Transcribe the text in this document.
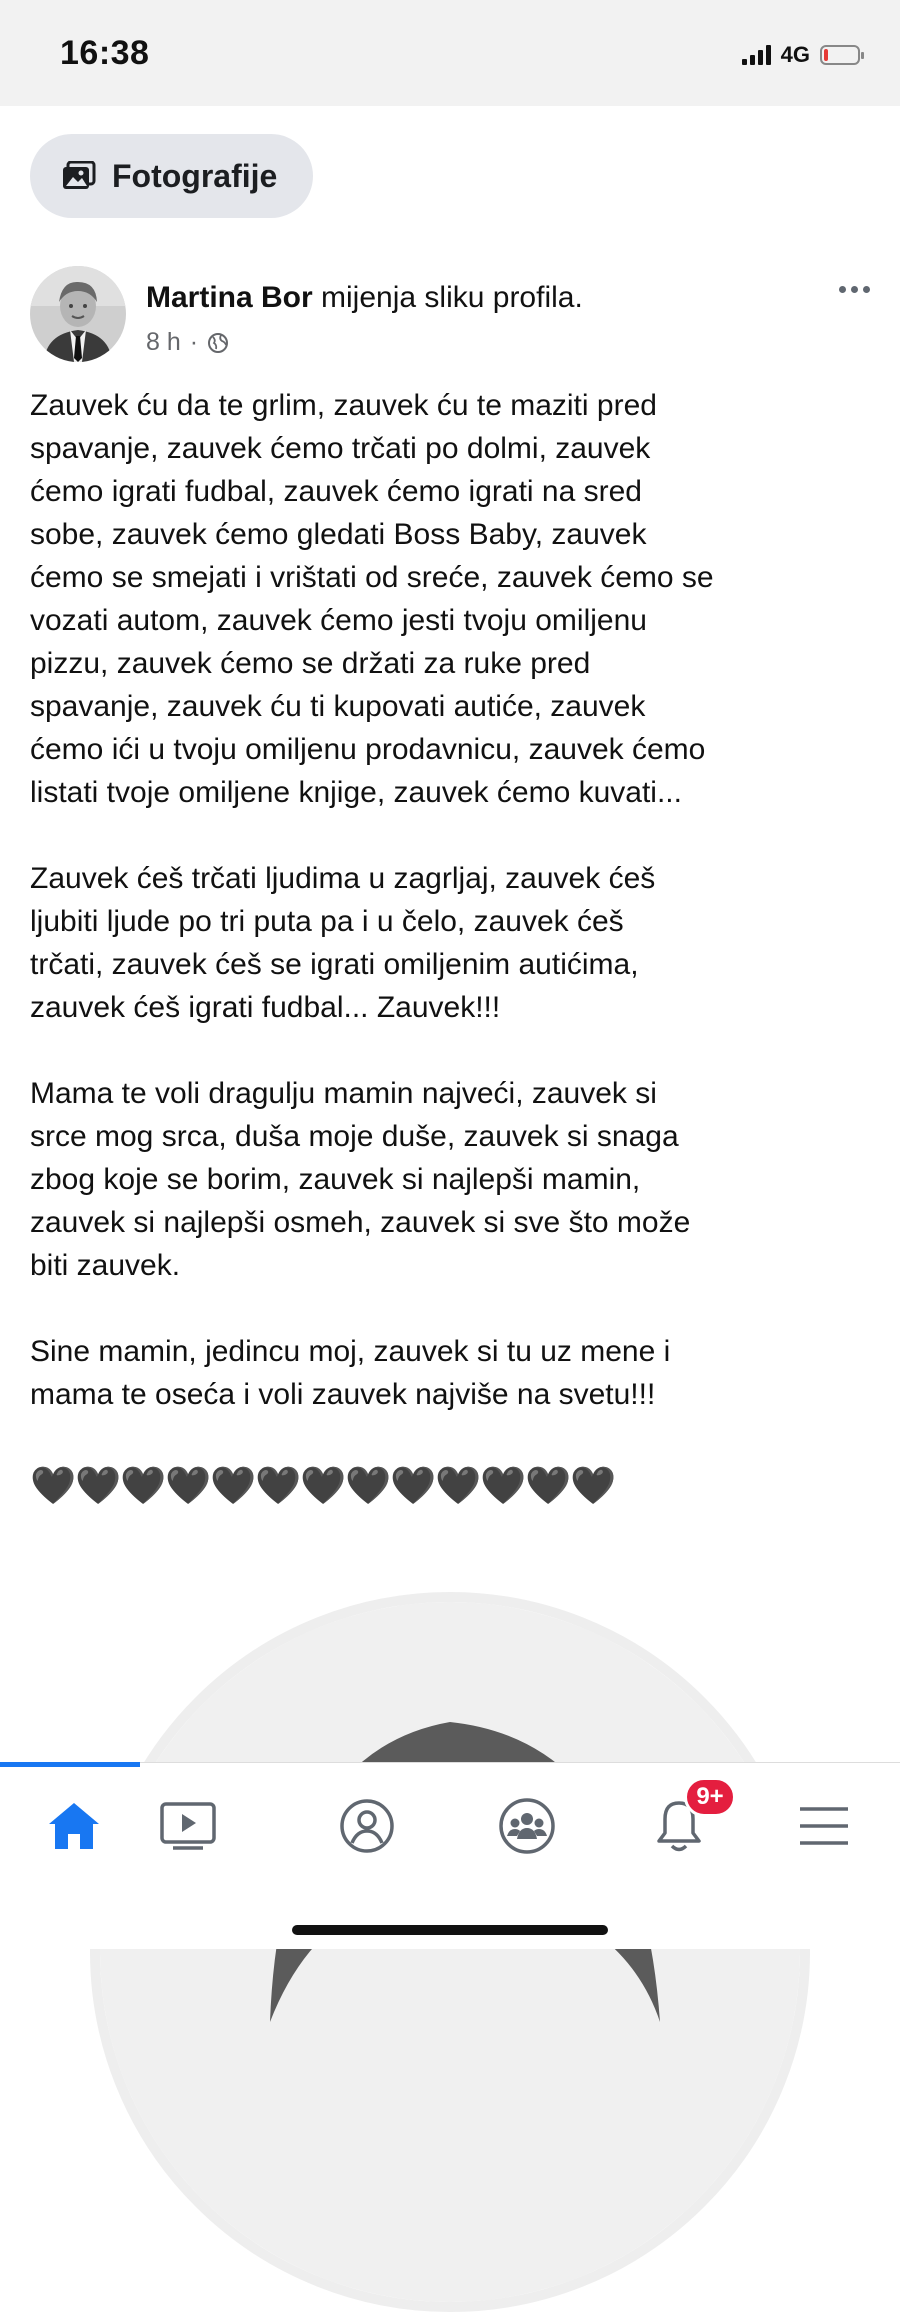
16:38	4G
Fotografije
Martina Bor mijenja sliku profila.
8 h ·

Zauvek ću da te grlim, zauvek ću te maziti pred
spavanje, zauvek ćemo trčati po dolmi, zauvek
ćemo igrati fudbal, zauvek ćemo igrati na sred
sobe, zauvek ćemo gledati Boss Baby, zauvek
ćemo se smejati i vrištati od sreće, zauvek ćemo se
vozati autom, zauvek ćemo jesti tvoju omiljenu
pizzu, zauvek ćemo se držati za ruke pred
spavanje, zauvek ću ti kupovati autiće, zauvek
ćemo ići u tvoju omiljenu prodavnicu, zauvek ćemo
listati tvoje omiljene knjige, zauvek ćemo kuvati...

Zauvek ćeš trčati ljudima u zagrljaj, zauvek ćeš
ljubiti ljude po tri puta pa i u čelo, zauvek ćeš
trčati, zauvek ćeš se igrati omiljenim autićima,
zauvek ćeš igrati fudbal... Zauvek!!!

Mama te voli dragulju mamin najveći, zauvek si
srce mog srca, duša moje duše, zauvek si snaga
zbog koje se borim, zauvek si najlepši mamin,
zauvek si najlepši osmeh, zauvek si sve što može
biti zauvek.

Sine mamin, jedincu moj, zauvek si tu uz mene i
mama te oseća i voli zauvek najviše na svetu!!!

🖤
🖤
🖤
🖤
🖤
🖤
🖤
🖤
🖤
🖤
🖤
🖤
🖤
9+
